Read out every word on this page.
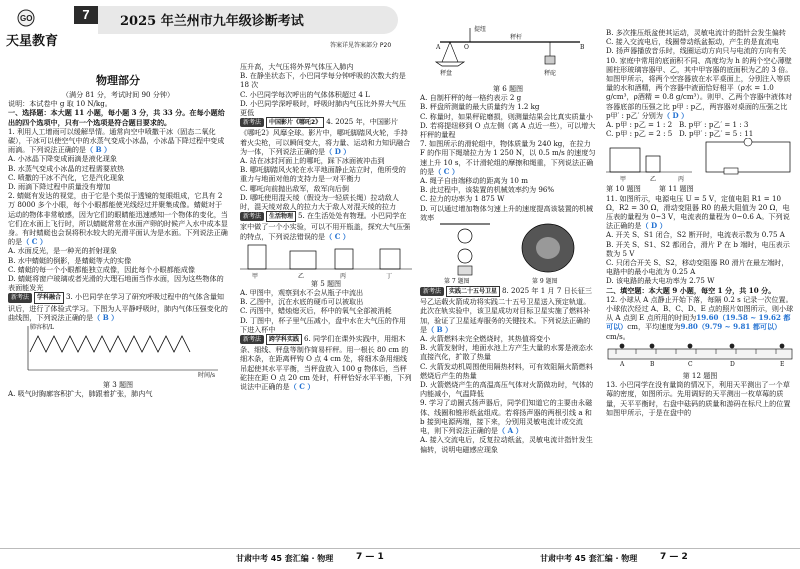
GO
天星教育
7	2025 年兰州市九年级诊断考试
答案详见答案部分 P20
物理部分
（满分 81 分，考试时间 90 分钟）

说明：本试卷中 g 取 10 N/kg。

一、选择题：本大题 11 小题，每小题 3 分，共 33 分。在每小题给出的四个选项中，只有一个选项是符合题目要求的。

1. 利用人工增雨可以缓解旱情。通常向空中喷撒干冰（固态二氧化碳），干冰可以使空气中的水蒸气变成小冰晶，小冰晶下降过程中变成雨滴。下列说法正确的是（ B ）

A. 小冰晶下降变成雨滴是液化现象

B. 水蒸气变成小冰晶的过程需要放热

C. 喷撒的干冰不汽化，它是汽化现象

D. 雨滴下降过程中质量没有增加

2. 蜻蜓有发达的视觉，由于它是个类似于透镜的复眼组成，它具有 2 万 8000 多个小眼，每个小眼都能使光线经过并聚集成像。蜻蜓对于运动的物体非常敏感，因为它们的眼睛能迅速感知一个物体的变化，当它们在水面上飞行时，所以蜻蜓常常在水面产卵的时候产入水中成本显身。有时蜻蜓也会误将积水较大的光滑平面认为是水面。下列说法正确的是（ C ）

A. 水面反光，是一种光的折射现象

B. 水中蜻蜓的倒影，是蜻蜓等大的实像

C. 蜻蜓的每一个小眼都能独立成像，因此每个小眼都能成像

D. 蜻蜓将窗户玻璃或者光滑的大理石地面当作水面，因为这些物体的表面能发光

新考法 学科融合 3. 小巴同学在学习了研究呼吸过程中的气体含量知识后，进行了体验式学习。下图为人平静呼吸时，肺内气体压强变化的曲线图，下列说法正确的是（ B ）

肺容积/L
时间/s
第 3 题图

A. 吸气时胸廓容积扩大，肺跟着扩张，肺内气

压升高，大气压将外界气体压入肺内

B. 在静坐状态下，小巴同学每分钟呼吸的次数大约是 18 次

C. 小巴同学每次呼出的气体体积超过 4 L

D. 小巴同学深呼吸时，呼吸时肺内气压比外界大气压更低

新考法 中国影片《哪吒2》 4. 2025 年，中国影片《哪吒2》风靡全球。影片中，哪吒脚踏风火轮，手持着火尖枪，可以瞬间变大，将力量、运动和力知识融合为一体，下列说法正确的是（ D ）

A. 站在冰封河面上的哪吒，踩下冰面被冲击到

B. 哪吒脚踏风火轮在水平地面静止站立时，他所受的重力与地面对他的支持力是一对平衡力

C. 哪吒向前抛出敌军，敌军向后倒

D. 哪吒使用混天绫（假设为一轻质长绳）拉动敌人时，混天绫对敌人的拉力大于敌人对混天绫的拉力

新考法 生活物理 5. 在生活处处有物理。小巴同学在家中做了一个小实验，可以不用开瓶盖，探究大气压强的特点，下列说法错误的是（ C ）

甲	乙	丙	丁
第 5 题图

A. 甲图中，观察到水不会从瓶子中流出

B. 乙图中，沉在水底的硬币可以被取出

C. 丙图中，蜡烛熄灭后，杯中的氧气全部被消耗

D. 丁图中，杯子里气压减小，盘中水在大气压的作用下进入杯中

新考法 跨学科实践 6. 同学们在课外实践中，用细木条、细线、秤盘等制作简易杆秤。用一根长 80 cm 的细木条，在距离秤钩 O 点 4 cm 处，将细木条用细线吊起使其水平平衡，当秤盘放入 100 g 物体后，当秤砣挂在距 O 点 20 cm 处时，杆秤恰好水平平衡，下列说法中正确的是（ C ）

提纽
O
秤杆
秤盘	秤砣
A	B
第 6 题图

A. 自制杆秤的每一格约表示 2 g

B. 秤盘所测量的最大质量约为 1.2 kg

C. 称量时，如果秤砣磨损，则测量结果会比真实质量小

D. 若将提纽移到 O 点左侧（离 A 点近一些），可以增大杆秤的量程

7. 如图所示的滑轮组中，物体质量为 240 kg，在拉力 F 的作用下绳端拉力为 1 250 N，以 0.5 m/s 的速度匀速上升 10 s，不计滑轮组的摩擦和绳重，下列说法正确的是（ C ）

A. 绳子自由端移动的距离为 10 m

B. 此过程中，该装置的机械效率约为 96%

C. 拉力的功率为 1 875 W

D. 可以通过增加物体匀速上升的速度提高该装置的机械效率

第 7 题图	第 9 题图

新考法 实践二十五号卫星 8. 2025 年 1 月 7 日长征三号乙运载火箭成功将实践二十五号卫星送入预定轨道。此次在轨实验中，该卫星成功对目标卫星实施了燃料补加，验证了卫星延寿服务的关键技术。下列说法正确的是（ B ）

A. 火箭燃料未完全燃烧时，其热值将变小

B. 火箭发射时，地面水池上方产生大量的水雾是液态水直接汽化，扩散了热量

C. 火箭发动机周围使用隔热材料，可有效阻隔火箭燃料燃烧后产生的热量

D. 火箭燃烧产生的高温高压气体对火箭做功时，气体的内能减小，气温降低

9. 学习了动圈式扬声器后，同学们知道它的主要由永磁体、线圈和锥形纸盆组成。若将扬声器的两根引线 a 和 b 接到电源两端，接下来，分别用灵敏电流计或交流电，则下列说法正确的是（ A ）

A. 接入交流电后，反复拉动纸盆，灵敏电流计指针发生偏转，说明电磁感应现象

B. 多次推压纸盆使其运动，灵敏电流计的指针会发生偏转

C. 接入交流电后，线圈带动纸盆振动，产生的是直流电

D. 扬声器播放音乐时，线圈运动方向只与电流的方向有关

10. 家庭中常用的底面积不同、高度均为 h 的两个空心薄壁圆柱形玻璃容器甲、乙，其中甲容器的底面积为乙的 3 倍。如图甲所示，将两个空容器放在水平桌面上，分别注入等质量的水和酒精，两个容器中液面恰好相平（ρ水 = 1.0 g/cm³，ρ酒精 = 0.8 g/cm³）。则甲、乙两个容器中液体对容器底部的压强之比 p甲 : p乙，两容器对桌面的压强之比 p甲′ : p乙′ 分别为（ D ）

A. p甲 : p乙 = 1 : 2 B. p甲′ : p乙′ = 1 : 3

C. p甲 : p乙 = 2 : 5 D. p甲′ : p乙′ = 5 : 11

甲	乙	丙

第 10 题图	第 11 题图

11. 如图所示，电源电压 U = 5 V，定值电阻 R1 = 10 Ω，R2 = 30 Ω，滑动变阻器 R0 的最大阻值为 20 Ω，电压表的量程为 0~3 V，电流表的量程为 0~0.6 A。下列说法正确的是（ D ）

A. 开关 S、S1 闭合，S2 断开时，电流表示数为 0.75 A

B. 开关 S、S1、S2 都闭合，滑片 P 在 b 端时，电压表示数为 5 V

C. 只闭合开关 S、S2，移动变阻器 R0 滑片在最左端时，电路中的最小电流为 0.25 A

D. 该电路的最大电功率为 2.75 W

二、填空题：本大题 9 小题，每空 1 分，共 10 分。

12. 小球从 A 点静止开始下落，每隔 0.2 s 记录一次位置。小球依次经过 A、B、C、D、E 点的照片如图所示，则小球从 A 点到 E 点所用的时间为19.60（19.58 ~ 19.62 都可以）cm，平均速度为9.80（9.79 ~ 9.81 都可以）cm/s。

A	B	C	D	E
第 12 题图

13. 小巴同学在没有量筒的情况下，利用天平测出了一个草莓的密度，如图所示。先用调好的天平测出一枚草莓的质量，天平平衡时，右盘中砝码的质量和游码在标尺上的位置如图甲所示，于是在盘中的

甘肃中考 45 套汇编 · 物理	7 — 1	甘肃中考 45 套汇编 · 物理	7 — 2
